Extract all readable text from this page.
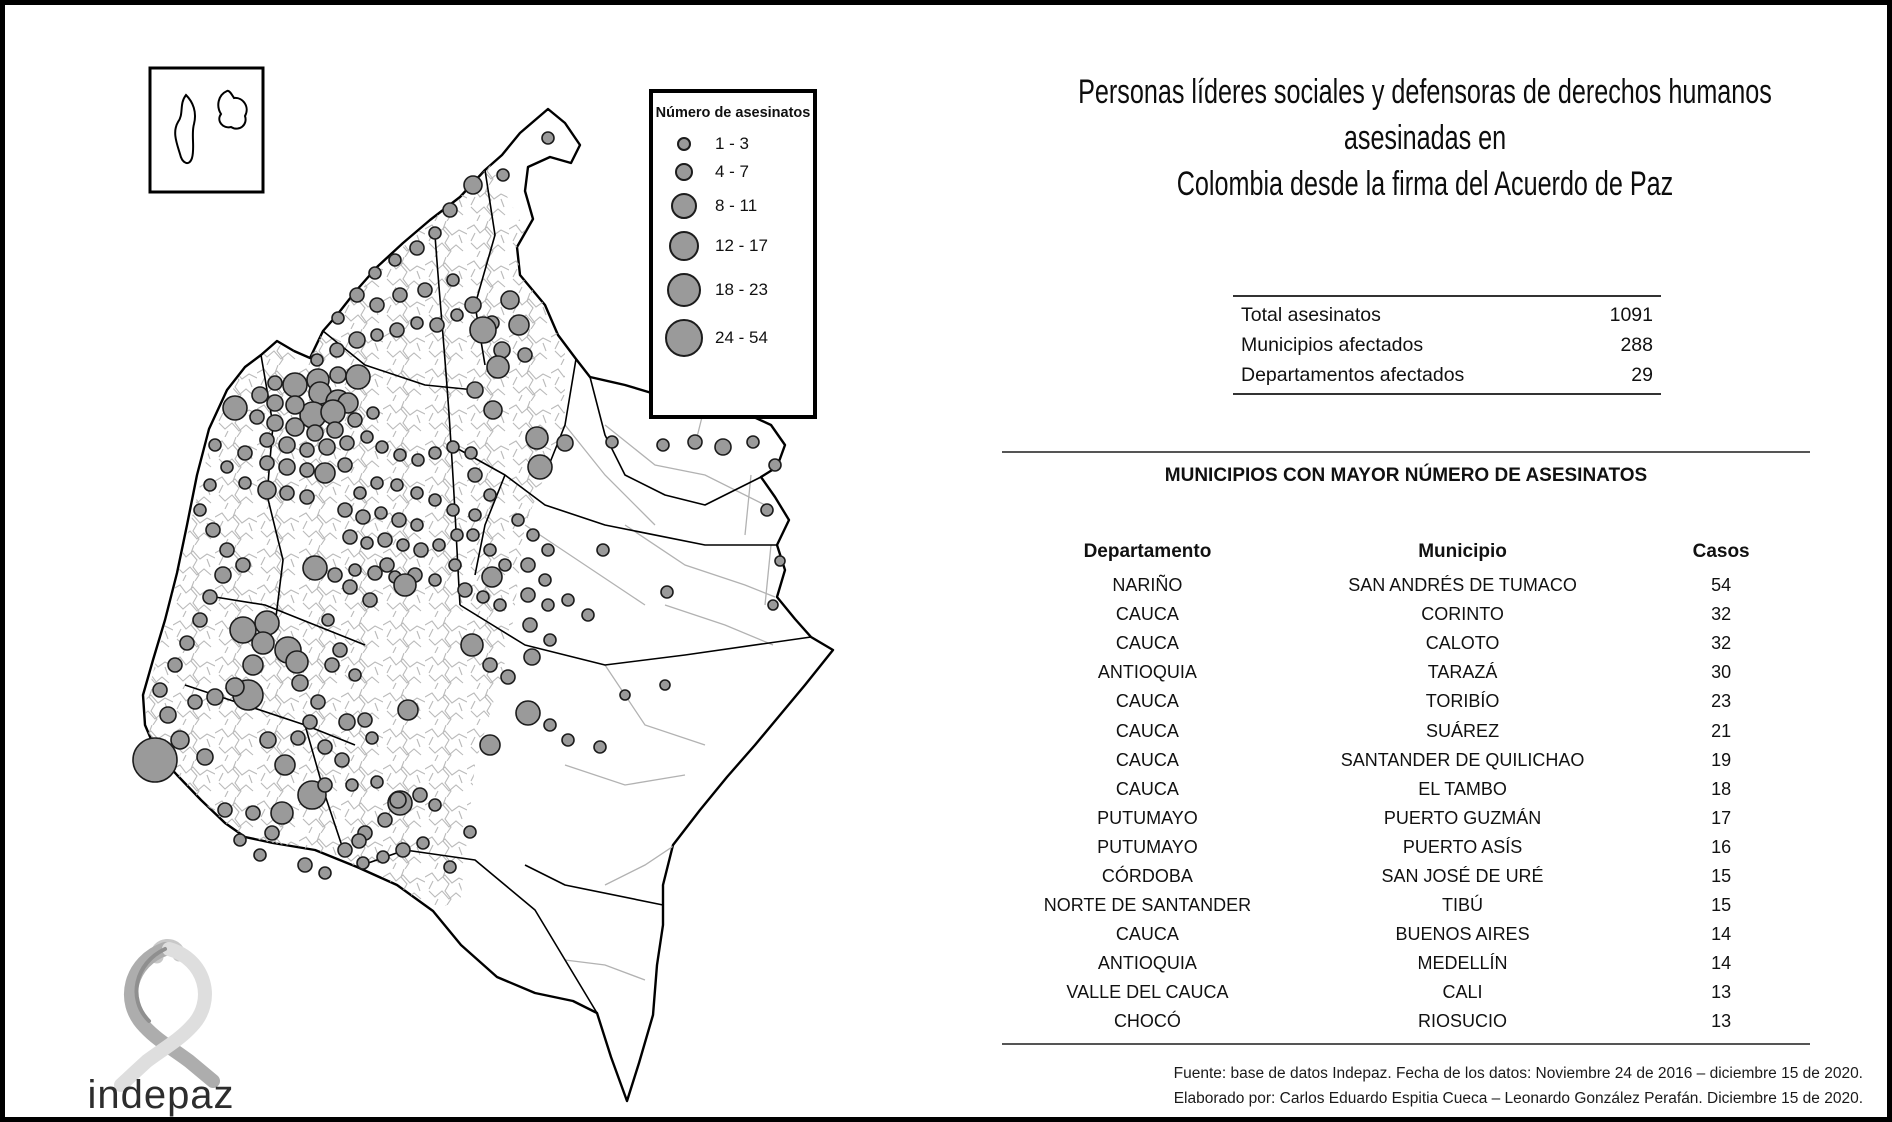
Número de asesinatos
1 - 3
4 - 7
8 - 11
12 - 17
18 - 23
24 - 54
Personas líderes sociales y defensoras de derechos humanos asesinadas en
Colombia desde la firma del Acuerdo de Paz
Total asesinatos	1091
Municipios afectados	288
Departamentos afectados	29
MUNICIPIOS CON MAYOR NÚMERO DE ASESINATOS
Departamento	Municipio	Casos
NARIÑO	SAN ANDRÉS DE TUMACO	54
CAUCA	CORINTO	32
CAUCA	CALOTO	32
ANTIOQUIA	TARAZÁ	30
CAUCA	TORIBÍO	23
CAUCA	SUÁREZ	21
CAUCA	SANTANDER DE QUILICHAO	19
CAUCA	EL TAMBO	18
PUTUMAYO	PUERTO GUZMÁN	17
PUTUMAYO	PUERTO ASÍS	16
CÓRDOBA	SAN JOSÉ DE URÉ	15
NORTE DE SANTANDER	TIBÚ	15
CAUCA	BUENOS AIRES	14
ANTIOQUIA	MEDELLÍN	14
VALLE DEL CAUCA	CALI	13
CHOCÓ	RIOSUCIO	13
Fuente: base de datos Indepaz. Fecha de los datos: Noviembre 24 de 2016 – diciembre 15 de 2020.
Elaborado por: Carlos Eduardo Espitia Cueca – Leonardo González Perafán. Diciembre 15 de 2020.
indepaz
